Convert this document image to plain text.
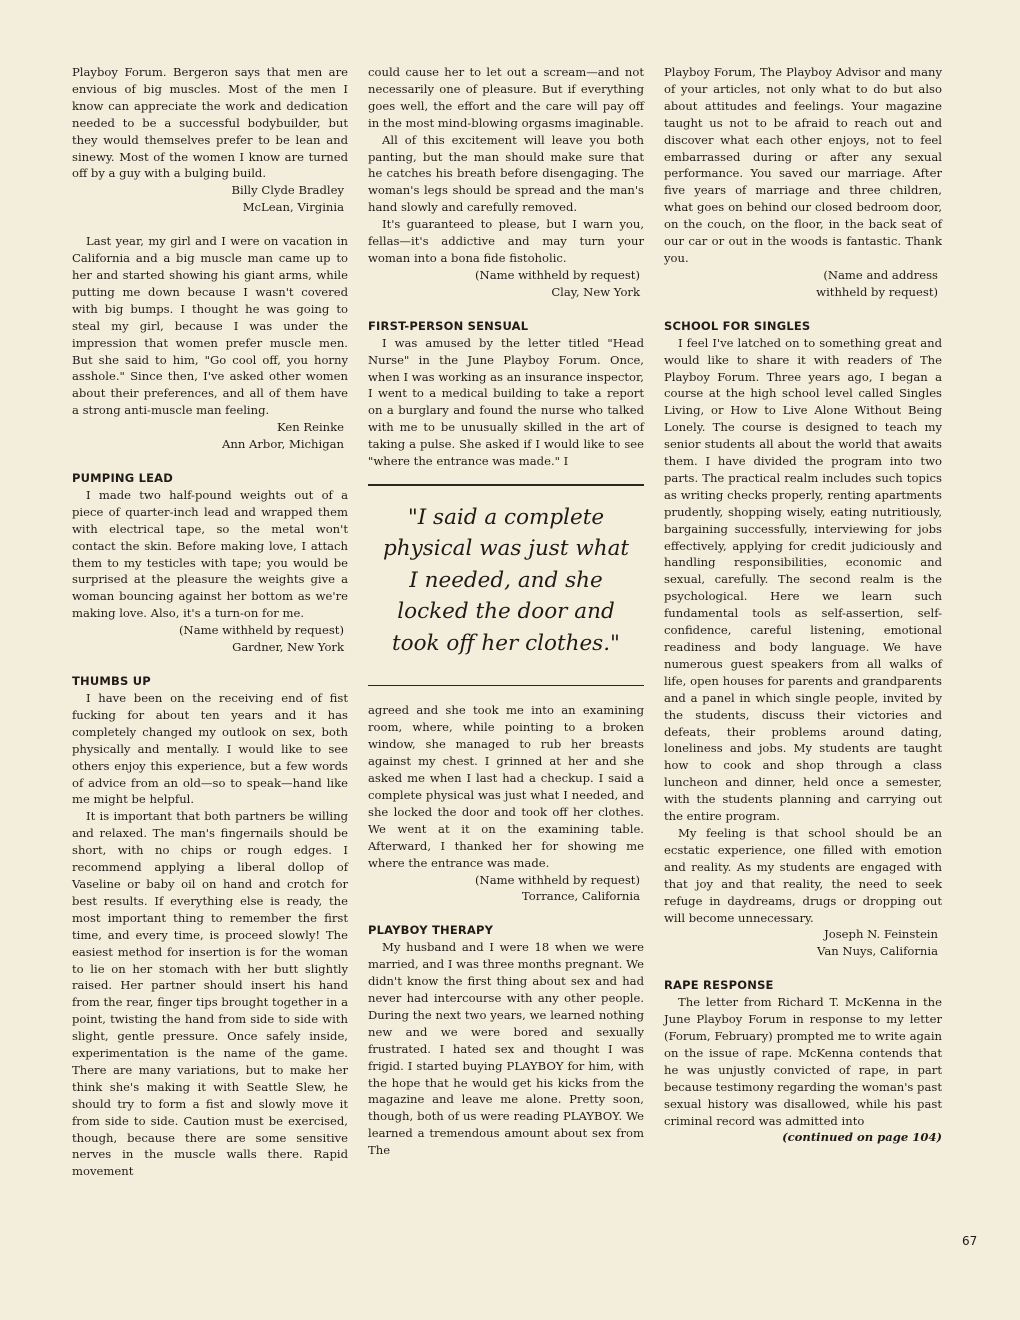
Playboy Forum. Bergeron says that men are envious of big muscles. Most of the men I know can appreciate the work and dedication needed to be a successful bodybuilder, but they would themselves prefer to be lean and sinewy. Most of the women I know are turned off by a guy with a bulging build.

Billy Clyde Bradley
McLean, Virginia

Last year, my girl and I were on vacation in California and a big muscle man came up to her and started showing his giant arms, while putting me down because I wasn't covered with big bumps. I thought he was going to steal my girl, because I was under the impression that women prefer muscle men. But she said to him, "Go cool off, you horny asshole." Since then, I've asked other women about their preferences, and all of them have a strong anti-muscle man feeling.

Ken Reinke
Ann Arbor, Michigan
PUMPING LEAD

I made two half-pound weights out of a piece of quarter-inch lead and wrapped them with electrical tape, so the metal won't contact the skin. Before making love, I attach them to my testicles with tape; you would be surprised at the pleasure the weights give a woman bouncing against her bottom as we're making love. Also, it's a turn-on for me.

(Name withheld by request)
Gardner, New York
THUMBS UP

I have been on the receiving end of fist fucking for about ten years and it has completely changed my outlook on sex, both physically and mentally. I would like to see others enjoy this experience, but a few words of advice from an old—so to speak—hand like me might be helpful.

It is important that both partners be willing and relaxed. The man's fingernails should be short, with no chips or rough edges. I recommend applying a liberal dollop of Vaseline or baby oil on hand and crotch for best results. If everything else is ready, the most important thing to remember the first time, and every time, is proceed slowly! The easiest method for insertion is for the woman to lie on her stomach with her butt slightly raised. Her partner should insert his hand from the rear, finger tips brought together in a point, twisting the hand from side to side with slight, gentle pressure. Once safely inside, experimentation is the name of the game. There are many variations, but to make her think she's making it with Seattle Slew, he should try to form a fist and slowly move it from side to side. Caution must be exercised, though, because there are some sensitive nerves in the muscle walls there. Rapid movement

could cause her to let out a scream—and not necessarily one of pleasure. But if everything goes well, the effort and the care will pay off in the most mind-blowing orgasms imaginable.

All of this excitement will leave you both panting, but the man should make sure that he catches his breath before disengaging. The woman's legs should be spread and the man's hand slowly and carefully removed.

It's guaranteed to please, but I warn you, fellas—it's addictive and may turn your woman into a bona fide fistoholic.

(Name withheld by request)
Clay, New York
FIRST-PERSON SENSUAL

I was amused by the letter titled "Head Nurse" in the June Playboy Forum. Once, when I was working as an insurance inspector, I went to a medical building to take a report on a burglary and found the nurse who talked with me to be unusually skilled in the art of taking a pulse. She asked if I would like to see "where the entrance was made." I

"I said a complete physical was just what I needed, and she locked the door and took off her clothes."

agreed and she took me into an examining room, where, while pointing to a broken window, she managed to rub her breasts against my chest. I grinned at her and she asked me when I last had a checkup. I said a complete physical was just what I needed, and she locked the door and took off her clothes. We went at it on the examining table. Afterward, I thanked her for showing me where the entrance was made.

(Name withheld by request)
Torrance, California
PLAYBOY THERAPY

My husband and I were 18 when we were married, and I was three months pregnant. We didn't know the first thing about sex and had never had intercourse with any other people. During the next two years, we learned nothing new and we were bored and sexually frustrated. I hated sex and thought I was frigid. I started buying PLAYBOY for him, with the hope that he would get his kicks from the magazine and leave me alone. Pretty soon, though, both of us were reading PLAYBOY. We learned a tremendous amount about sex from The

Playboy Forum, The Playboy Advisor and many of your articles, not only what to do but also about attitudes and feelings. Your magazine taught us not to be afraid to reach out and discover what each other enjoys, not to feel embarrassed during or after any sexual performance. You saved our marriage. After five years of marriage and three children, what goes on behind our closed bedroom door, on the couch, on the floor, in the back seat of our car or out in the woods is fantastic. Thank you.

(Name and address
withheld by request)
SCHOOL FOR SINGLES

I feel I've latched on to something great and would like to share it with readers of The Playboy Forum. Three years ago, I began a course at the high school level called Singles Living, or How to Live Alone Without Being Lonely. The course is designed to teach my senior students all about the world that awaits them. I have divided the program into two parts. The practical realm includes such topics as writing checks properly, renting apartments prudently, shopping wisely, eating nutritiously, bargaining successfully, interviewing for jobs effectively, applying for credit judiciously and handling responsibilities, economic and sexual, carefully. The second realm is the psychological. Here we learn such fundamental tools as self-assertion, self-confidence, careful listening, emotional readiness and body language. We have numerous guest speakers from all walks of life, open houses for parents and grandparents and a panel in which single people, invited by the students, discuss their victories and defeats, their problems around dating, loneliness and jobs. My students are taught how to cook and shop through a class luncheon and dinner, held once a semester, with the students planning and carrying out the entire program.

My feeling is that school should be an ecstatic experience, one filled with emotion and reality. As my students are engaged with that joy and that reality, the need to seek refuge in daydreams, drugs or dropping out will become unnecessary.

Joseph N. Feinstein
Van Nuys, California
RAPE RESPONSE

The letter from Richard T. McKenna in the June Playboy Forum in response to my letter (Forum, February) prompted me to write again on the issue of rape. McKenna contends that he was unjustly convicted of rape, in part because testimony regarding the woman's past sexual history was disallowed, while his past criminal record was admitted into

(continued on page 104)
67
